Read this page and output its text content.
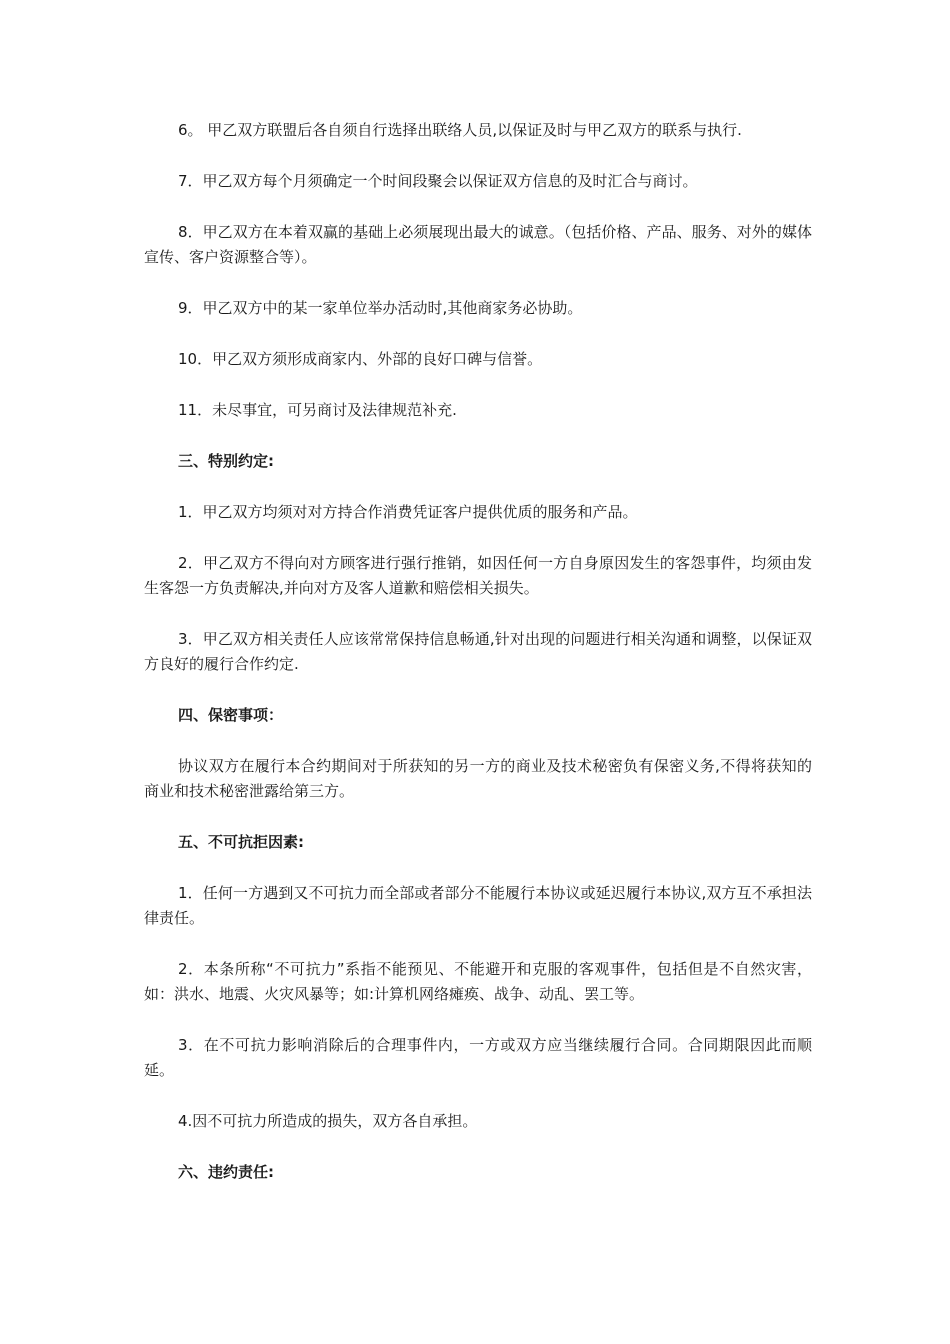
6。 甲乙双方联盟后各自须自行选择出联络人员,以保证及时与甲乙双方的联系与执行.

7．甲乙双方每个月须确定一个时间段聚会以保证双方信息的及时汇合与商讨。

8．甲乙双方在本着双赢的基础上必须展现出最大的诚意。（包括价格、产品、服务、对外的媒体宣传、客户资源整合等）。

9．甲乙双方中的某一家单位举办活动时,其他商家务必协助。

10．甲乙双方须形成商家内、外部的良好口碑与信誉。

11．未尽事宜，可另商讨及法律规范补充.

三、特别约定:

1．甲乙双方均须对对方持合作消费凭证客户提供优质的服务和产品。

2．甲乙双方不得向对方顾客进行强行推销，如因任何一方自身原因发生的客怨事件，均须由发生客怨一方负责解决,并向对方及客人道歉和赔偿相关损失。

3．甲乙双方相关责任人应该常常保持信息畅通,针对出现的问题进行相关沟通和调整，以保证双方良好的履行合作约定.

四、保密事项：

协议双方在履行本合约期间对于所获知的另一方的商业及技术秘密负有保密义务,不得将获知的商业和技术秘密泄露给第三方。

五、不可抗拒因素:

1．任何一方遇到又不可抗力而全部或者部分不能履行本协议或延迟履行本协议,双方互不承担法律责任。

2．本条所称“不可抗力”系指不能预见、不能避开和克服的客观事件，包括但是不自然灾害，如：洪水、地震、火灾风暴等；如:计算机网络瘫痪、战争、动乱、罢工等。

3．在不可抗力影响消除后的合理事件内，一方或双方应当继续履行合同。合同期限因此而顺延。

4.因不可抗力所造成的损失，双方各自承担。

六、违约责任:
